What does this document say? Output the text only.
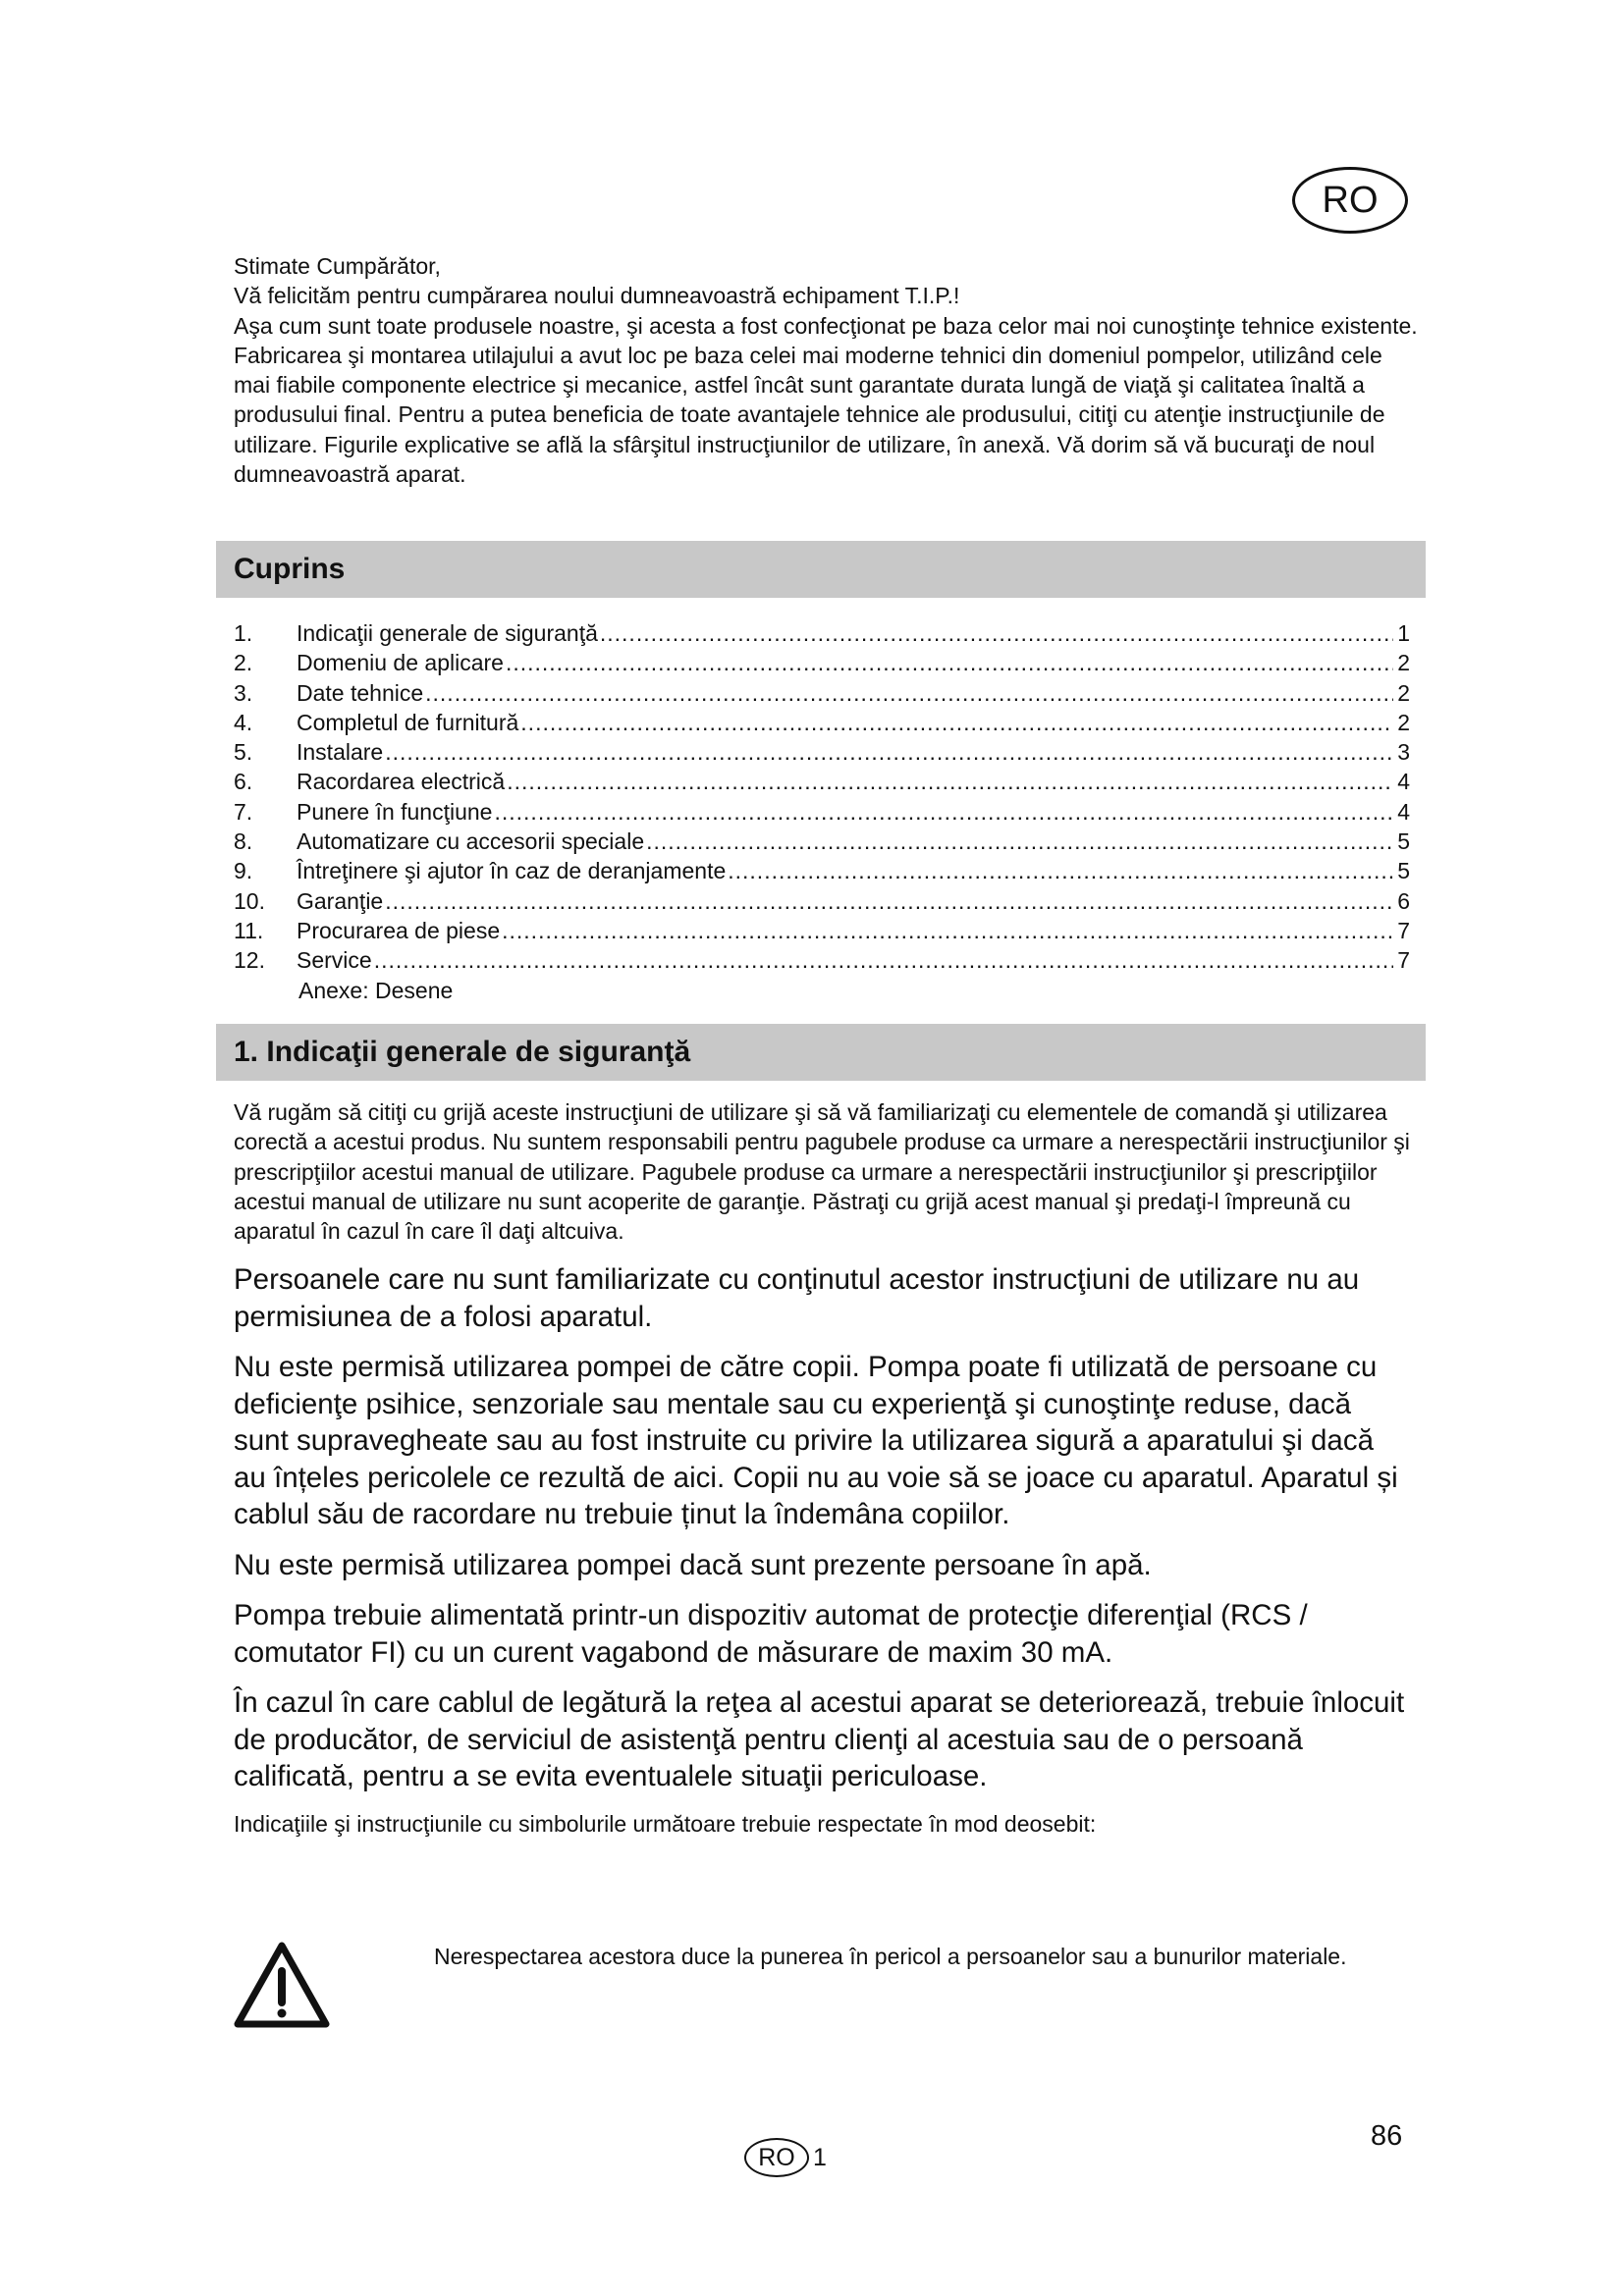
RO

Stimate Cumpărător,

Vă felicităm pentru cumpărarea noului dumneavoastră echipament T.I.P.!

Aşa cum sunt toate produsele noastre, şi acesta a fost confecţionat pe baza celor mai noi cunoştinţe tehnice existente. Fabricarea şi montarea utilajului a avut loc pe baza celei mai moderne tehnici din domeniul pompelor, utilizând cele mai fiabile componente electrice şi mecanice, astfel încât sunt garantate durata lungă de viaţă şi calitatea înaltă a produsului final. Pentru a putea beneficia de toate avantajele tehnice ale produsului, citiţi cu atenţie instrucţiunile de utilizare. Figurile explicative se află la sfârşitul instrucţiunilor de utilizare, în anexă. Vă dorim să vă bucuraţi de noul dumneavoastră aparat.

Cuprins
1.	Indicaţii generale de siguranţă .....	1
2.	Domeniu de aplicare .....	2
3.	Date tehnice .....	2
4.	Completul de furnitură .....	2
5.	Instalare .....	3
6.	Racordarea electrică .....	4
7.	Punere în funcţiune .....	4
8.	Automatizare cu accesorii speciale .....	5
9.	Întreţinere şi ajutor în caz de deranjamente .....	5
10.	Garanţie .....	6
11.	Procurarea de piese .....	7
12.	Service .....	7
Anexe: Desene
1. Indicaţii generale de siguranţă

Vă rugăm să citiţi cu grijă aceste instrucţiuni de utilizare şi să vă familiarizaţi cu elementele de comandă şi utilizarea corectă a acestui produs. Nu suntem responsabili pentru pagubele produse ca urmare a nerespectării instrucţiunilor şi prescripţiilor acestui manual de utilizare. Pagubele produse ca urmare a nerespectării instrucţiunilor şi prescripţiilor acestui manual de utilizare nu sunt acoperite de garanţie. Păstraţi cu grijă acest manual şi predaţi-l împreună cu aparatul în cazul în care îl daţi altcuiva.

Persoanele care nu sunt familiarizate cu conţinutul acestor instrucţiuni de utilizare nu au permisiunea de a folosi aparatul.

Nu este permisă utilizarea pompei de către copii. Pompa poate fi utilizată de persoane cu deficienţe psihice, senzoriale sau mentale sau cu experienţă şi cunoştinţe reduse, dacă sunt supravegheate sau au fost instruite cu privire la utilizarea sigură a aparatului şi dacă au înțeles pericolele ce rezultă de aici. Copii nu au voie să se joace cu aparatul. Aparatul și cablul său de racordare nu trebuie ținut la îndemâna copiilor.

Nu este permisă utilizarea pompei dacă sunt prezente persoane în apă.

Pompa trebuie alimentată printr-un dispozitiv automat de protecţie diferenţial (RCS / comutator FI) cu un curent vagabond de măsurare de maxim 30 mA.

În cazul în care cablul de legătură la reţea al acestui aparat se deteriorează, trebuie înlocuit de producător, de serviciul de asistenţă pentru clienţi al acestuia sau de o persoană calificată, pentru a se evita eventualele situaţii periculoase.

Indicaţiile şi instrucţiunile cu simbolurile următoare trebuie respectate în mod deosebit:

Nerespectarea acestora duce la punerea în pericol a persoanelor sau a bunurilor materiale.
86
RO 1
